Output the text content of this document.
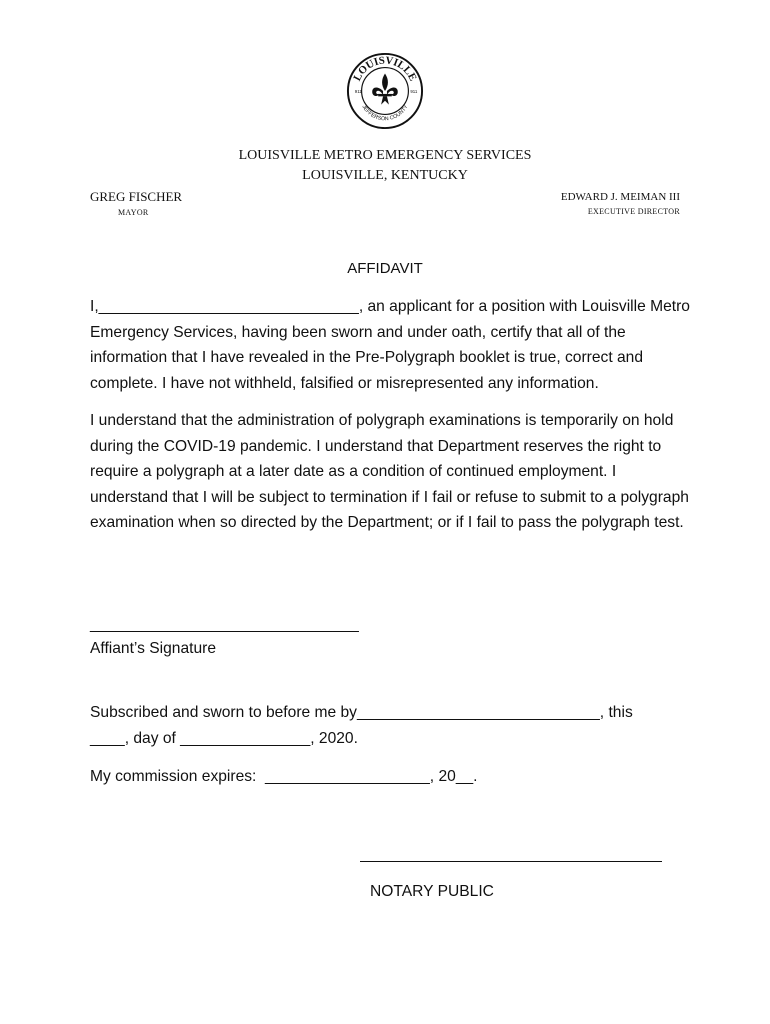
LOUISVILLE
JEFFERSON COUNTY
911	911
LOUISVILLE METRO EMERGENCY SERVICES
LOUISVILLE, KENTUCKY
GREG FISCHER
MAYOR
EDWARD J. MEIMAN III
EXECUTIVE DIRECTOR
AFFIDAVIT
I,______________________________, an applicant for a position with Louisville Metro Emergency Services, having been sworn and under oath, certify that all of the information that I have revealed in the Pre-Polygraph booklet is true, correct and complete. I have not withheld, falsified or misrepresented any information.
I understand that the administration of polygraph examinations is temporarily on hold during the COVID-19 pandemic. I understand that Department reserves the right to require a polygraph at a later date as a condition of continued employment. I understand that I will be subject to termination if I fail or refuse to submit to a polygraph examination when so directed by the Department; or if I fail to pass the polygraph test.
_______________________________
Affiant’s Signature
Subscribed and sworn to before me by____________________________, this
____, day of _______________, 2020.
My commission expires:  ___________________, 20__.
NOTARY PUBLIC
